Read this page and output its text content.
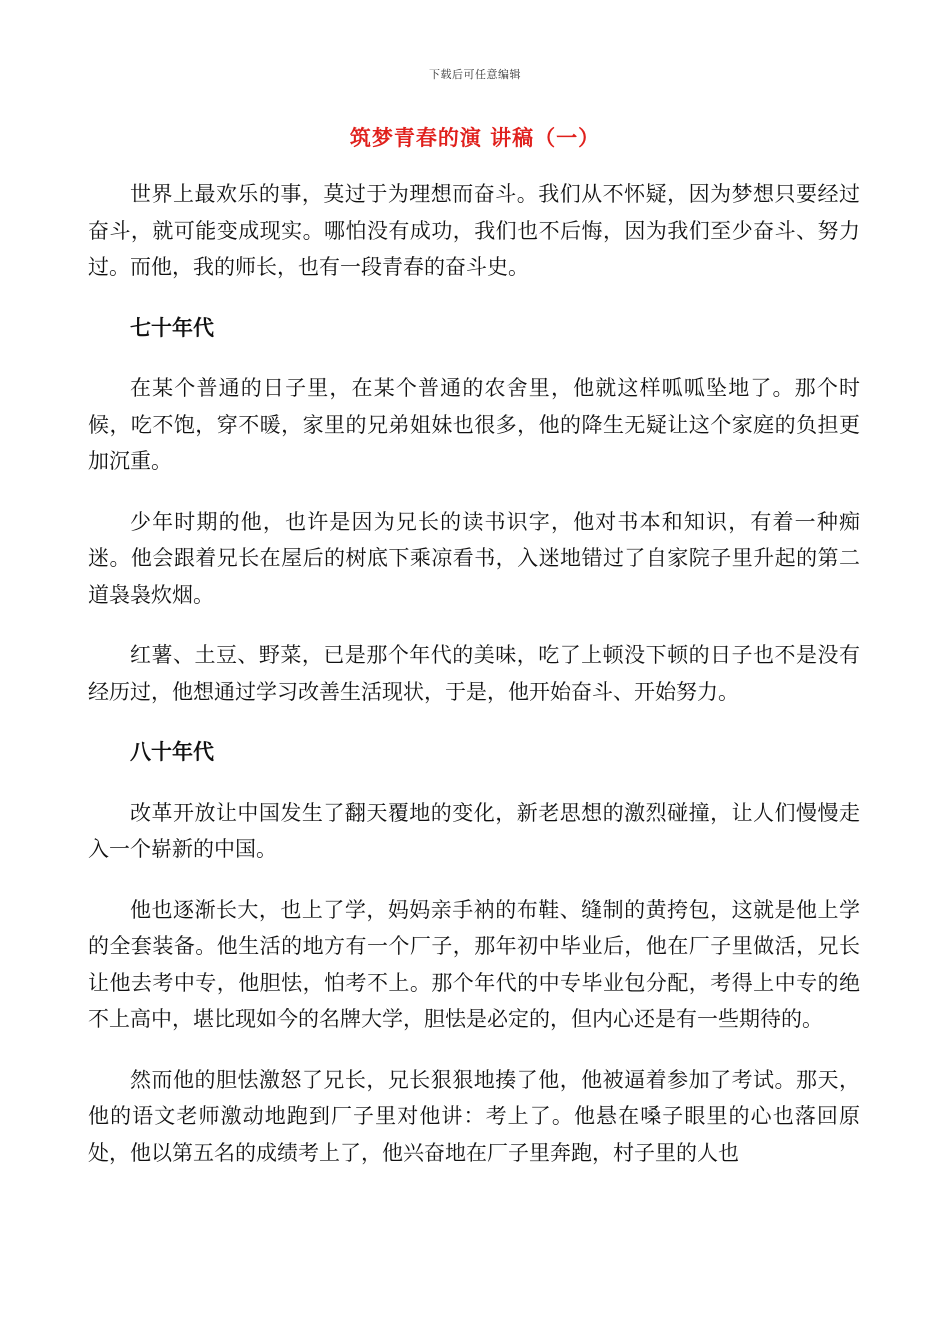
下载后可任意编辑
筑梦青春的演 讲稿（一）

世界上最欢乐的事，莫过于为理想而奋斗。我们从不怀疑，因为梦想只要经过奋斗，就可能变成现实。哪怕没有成功，我们也不后悔，因为我们至少奋斗、努力过。而他，我的师长，也有一段青春的奋斗史。

七十年代

在某个普通的日子里，在某个普通的农舍里，他就这样呱呱坠地了。那个时候，吃不饱，穿不暖，家里的兄弟姐妹也很多，他的降生无疑让这个家庭的负担更加沉重。

少年时期的他，也许是因为兄长的读书识字，他对书本和知识，有着一种痴迷。他会跟着兄长在屋后的树底下乘凉看书，入迷地错过了自家院子里升起的第二道袅袅炊烟。

红薯、土豆、野菜，已是那个年代的美味，吃了上顿没下顿的日子也不是没有经历过，他想通过学习改善生活现状，于是，他开始奋斗、开始努力。

八十年代

改革开放让中国发生了翻天覆地的变化，新老思想的激烈碰撞，让人们慢慢走入一个崭新的中国。

他也逐渐长大，也上了学，妈妈亲手衲的布鞋、缝制的黄挎包，这就是他上学的全套装备。他生活的地方有一个厂子，那年初中毕业后，他在厂子里做活，兄长让他去考中专，他胆怯，怕考不上。那个年代的中专毕业包分配，考得上中专的绝不上高中，堪比现如今的名牌大学，胆怯是必定的，但内心还是有一些期待的。

然而他的胆怯激怒了兄长，兄长狠狠地揍了他，他被逼着参加了考试。那天，他的语文老师激动地跑到厂子里对他讲：考上了。他悬在嗓子眼里的心也落回原处，他以第五名的成绩考上了，他兴奋地在厂子里奔跑，村子里的人也
